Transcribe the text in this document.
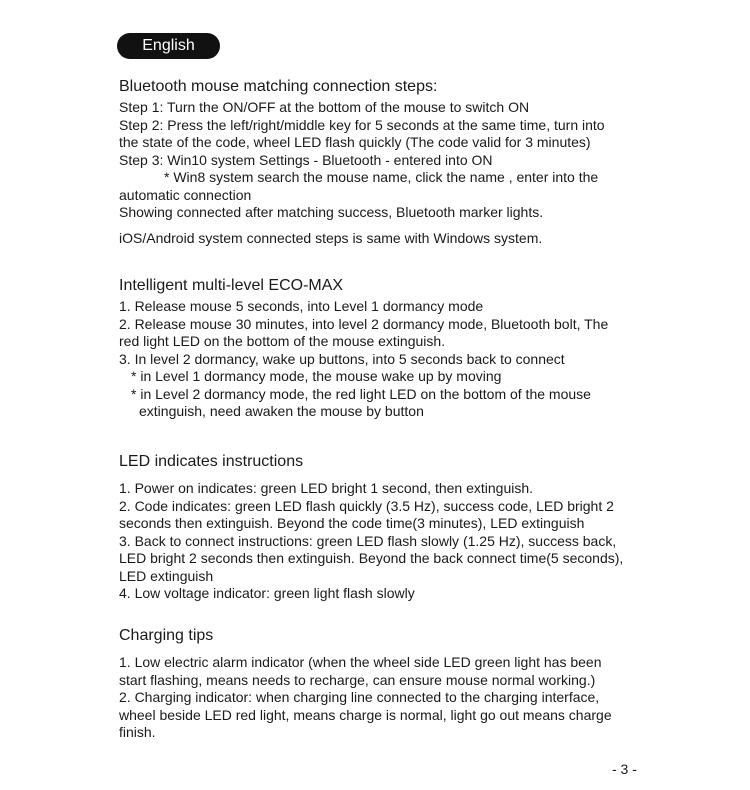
English
Bluetooth mouse matching connection steps:
Step 1: Turn the ON/OFF at the bottom of the mouse to switch ON
Step 2: Press the left/right/middle key for 5 seconds at the same time, turn into
the state of the code, wheel LED flash quickly (The code valid for 3 minutes)
Step 3: Win10 system Settings - Bluetooth - entered into ON
* Win8 system search the mouse name, click the name , enter into the
automatic connection
Showing connected after matching success, Bluetooth marker lights.
iOS/Android system connected steps is same with Windows system.
Intelligent multi-level ECO-MAX
1. Release mouse 5 seconds, into Level 1 dormancy mode
2. Release mouse 30 minutes, into level 2 dormancy mode, Bluetooth bolt, The
red light LED on the bottom of the mouse extinguish.
3. In level 2 dormancy, wake up buttons, into 5 seconds back to connect
* in Level 1 dormancy mode, the mouse wake up by moving
* in Level 2 dormancy mode, the red light LED on the bottom of the mouse
extinguish, need awaken the mouse by button
LED indicates instructions
1. Power on indicates: green LED bright 1 second, then extinguish.
2. Code indicates: green LED flash quickly (3.5 Hz), success code, LED bright 2
seconds then extinguish. Beyond the code time(3 minutes), LED extinguish
3. Back to connect instructions: green LED flash slowly (1.25 Hz), success back,
LED bright 2 seconds then extinguish. Beyond the back connect time(5 seconds),
LED extinguish
4. Low voltage indicator: green light flash slowly
Charging tips
1. Low electric alarm indicator (when the wheel side LED green light has been
start flashing, means needs to recharge, can ensure mouse normal working.)
2. Charging indicator: when charging line connected to the charging interface,
wheel beside LED red light, means charge is normal, light go out means charge
finish.
- 3 -
